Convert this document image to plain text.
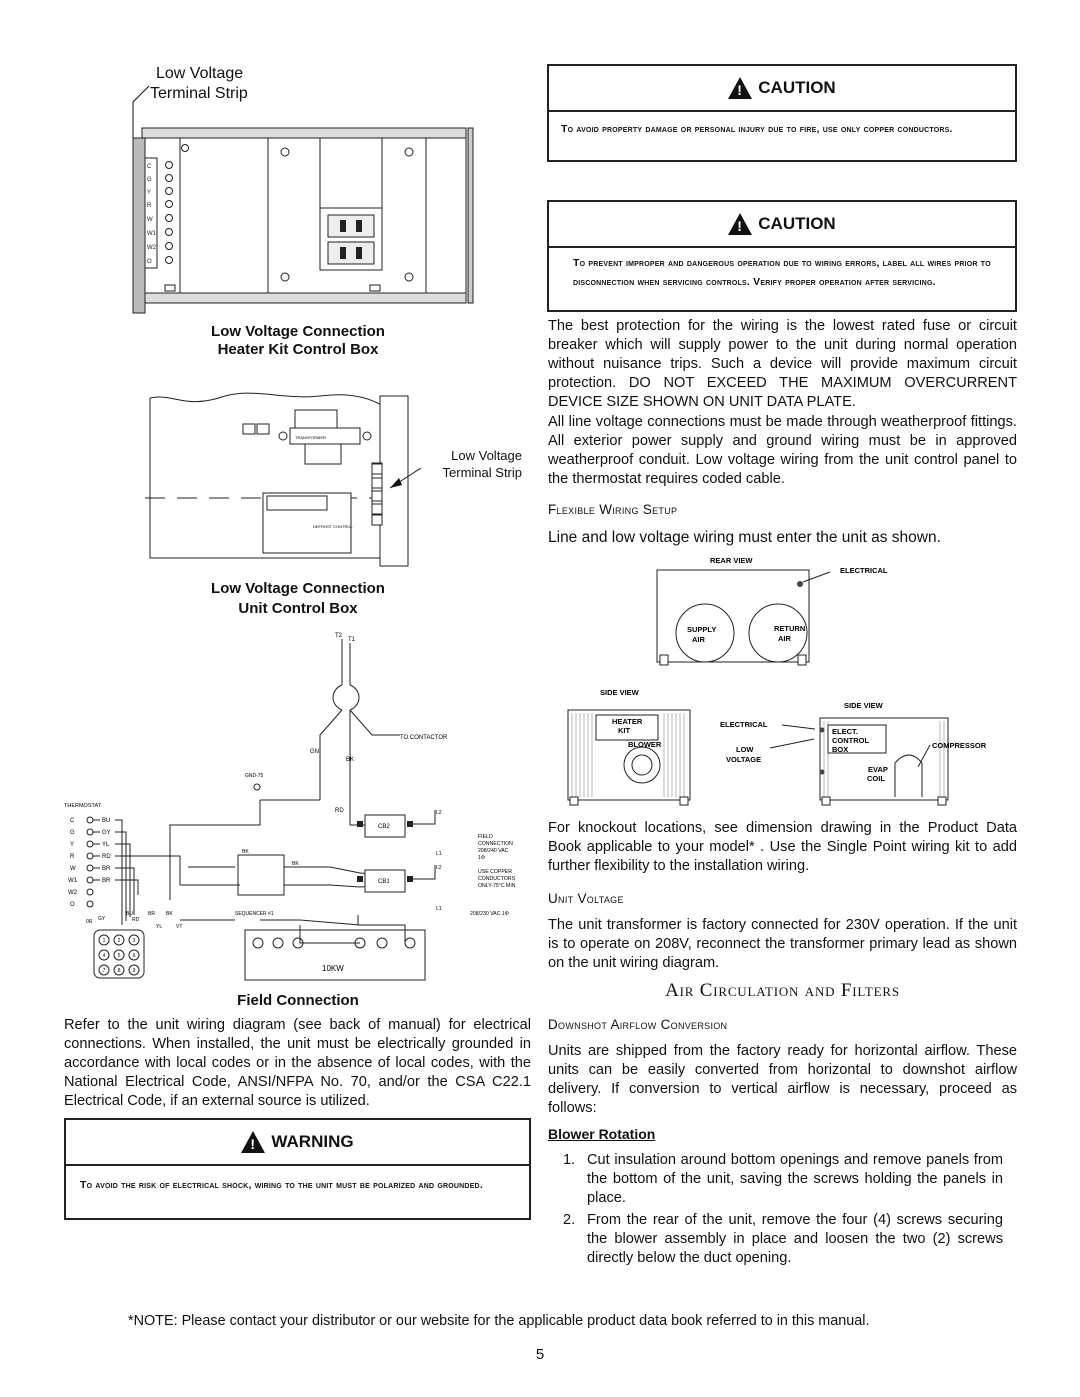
Low Voltage
Terminal Strip
C
G
Y
R
W
W1
W2
O
Low Voltage Connection
Heater Kit Control Box
TRANSFORMER
DEFROST CONTROL
Low Voltage
Terminal Strip
Low Voltage Connection
Unit Control Box
T2
T1
TO CONTACTOR
GN
BK
GND-75
RD
THERMOSTAT
C
G
Y
R
W
W1
W2
O
BU
GY
YL
RD
BR
BR
BK
BK
SEQUENCER #1
CB2
CB1
L2
L1
L2
L1
FIELD
CONNECTION
208/240 VAC
1Φ
USE COPPER
CONDUCTORS
ONLY-75°C MIN
208/230 VAC 1Φ
10KW
BU	BR BK
GY	RD
YL	VT
0R
1 2 3
4 5 6
7 8 9
Field Connection
Refer to the unit wiring diagram (see back of manual) for electrical connections. When installed, the unit must be electrically grounded in accordance with local codes or in the absence of local codes, with the National Electrical Code, ANSI/NFPA No. 70, and/or the CSA C22.1 Electrical Code, if an external source is utilized.
!
WARNING
To avoid the risk of electrical shock, wiring to the unit must be polarized and grounded.
!
CAUTION
To avoid property damage or personal injury due to fire, use only copper conductors.
!
CAUTION
To prevent improper and dangerous operation due to wiring errors, label all wires prior to disconnection when servicing controls. Verify proper operation after servicing.
The best protection for the wiring is the lowest rated fuse or circuit breaker which will supply power to the unit during normal operation without nuisance trips. Such a device will provide maximum circuit protection. DO NOT EXCEED THE MAXIMUM OVERCURRENT DEVICE SIZE SHOWN ON UNIT DATA PLATE.
All line voltage connections must be made through weatherproof fittings. All exterior power supply and ground wiring must be in approved weatherproof conduit. Low voltage wiring from the unit control panel to the thermostat requires coded cable.
Flexible Wiring Setup
Line and low voltage wiring must enter the unit as shown.
REAR VIEW
ELECTRICAL
SUPPLY
AIR
RETURN
AIR
SIDE VIEW
HEATER
KIT
BLOWER
ELECTRICAL
LOW
VOLTAGE
SIDE VIEW
ELECT.
CONTROL
BOX	COMPRESSOR
EVAP
COIL
For knockout locations, see dimension drawing in the Product Data Book applicable to your model* . Use the Single Point wiring kit to add further flexibility to the installation wiring.
Unit Voltage
The unit transformer is factory connected for 230V operation. If the unit is to operate on 208V, reconnect the transformer primary lead as shown on the unit wiring diagram.
Air Circulation and Filters
Downshot Airflow Conversion
Units are shipped from the factory ready for horizontal airflow. These units can be easily converted from horizontal to downshot airflow delivery. If conversion to vertical airflow is necessary, proceed as follows:
Blower Rotation
1. Cut insulation around bottom openings and remove panels from the bottom of the unit, saving the screws holding the panels in place.
2. From the rear of the unit, remove the four (4) screws securing the blower assembly in place and loosen the two (2) screws directly below the duct opening.
*NOTE: Please contact your distributor or our website for the applicable product data book referred to in this manual.
5
